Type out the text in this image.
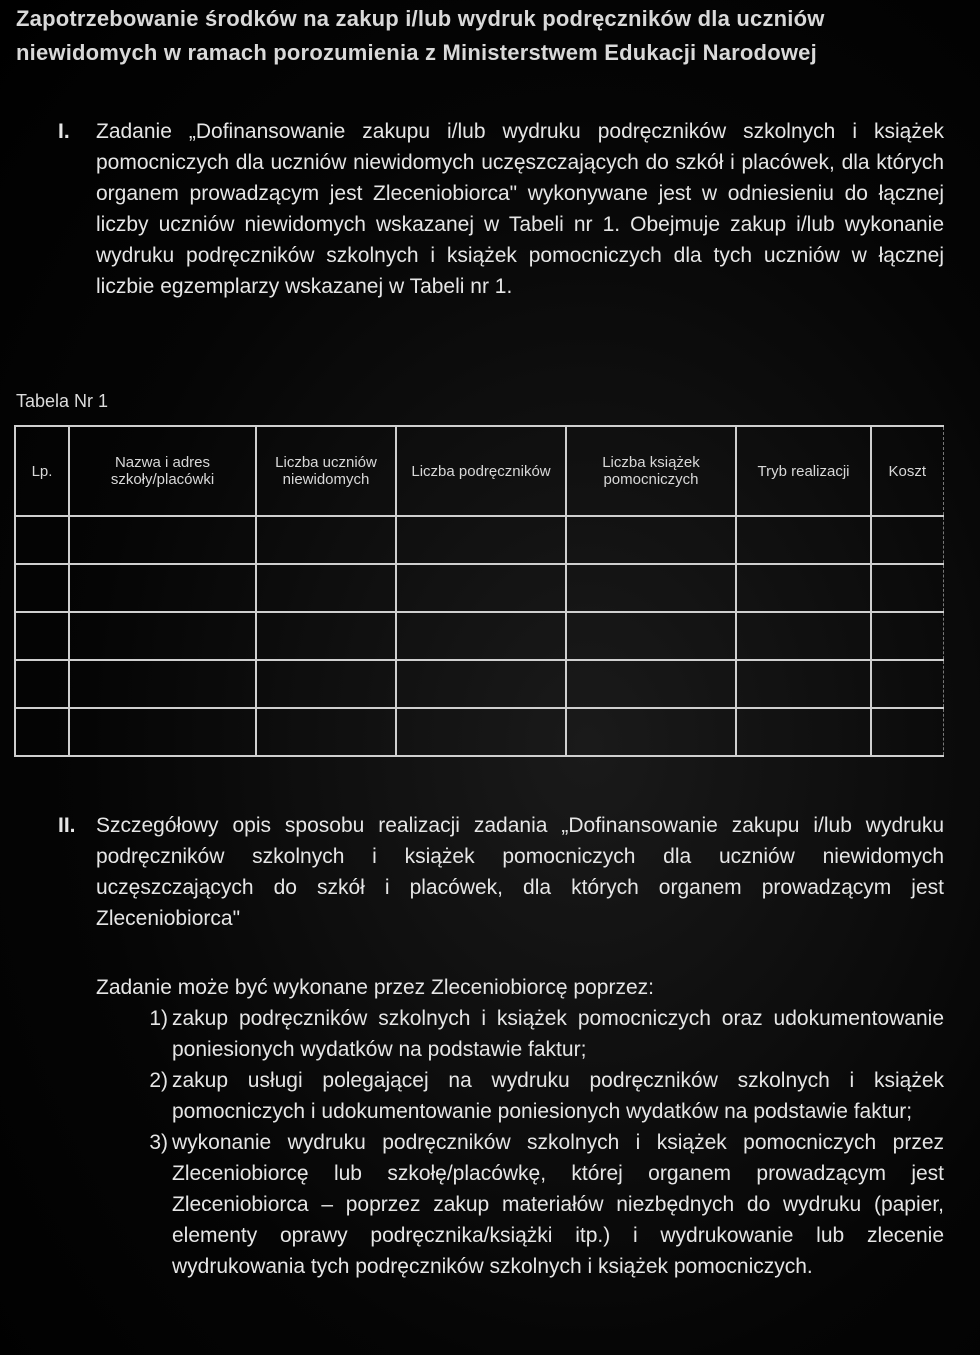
Zapotrzebowanie środków na zakup i/lub wydruk podręczników dla uczniów niewidomych w ramach porozumienia z Ministerstwem Edukacji Narodowej
I.	Zadanie „Dofinansowanie zakupu i/lub wydruku podręczników szkolnych i książek pomocniczych dla uczniów niewidomych uczęszczających do szkół i placówek, dla których organem prowadzącym jest Zleceniobiorca" wykonywane jest w odniesieniu do łącznej liczby uczniów niewidomych wskazanej w Tabeli nr 1. Obejmuje zakup i/lub wykonanie wydruku podręczników szkolnych i książek pomocniczych dla tych uczniów w łącznej liczbie egzemplarzy wskazanej w Tabeli nr 1.
Tabela Nr 1
Lp.	Nazwa i adres szkoły/placówki	Liczba uczniów niewidomych	Liczba podręczników	Liczba książek pomocniczych	Tryb realizacji	Koszt

II. Szczegółowy opis sposobu realizacji zadania „Dofinansowanie zakupu i/lub wydruku podręczników szkolnych i książek pomocniczych dla uczniów niewidomych uczęszczających do szkół i placówek, dla których organem prowadzącym jest Zleceniobiorca"
Zadanie może być wykonane przez Zleceniobiorcę poprzez:
1) zakup podręczników szkolnych i książek pomocniczych oraz udokumentowanie poniesionych wydatków na podstawie faktur;
2) zakup usługi polegającej na wydruku podręczników szkolnych i książek pomocniczych i udokumentowanie poniesionych wydatków na podstawie faktur;
3) wykonanie wydruku podręczników szkolnych i książek pomocniczych przez Zleceniobiorcę lub szkołę/placówkę, której organem prowadzącym jest Zleceniobiorca – poprzez zakup materiałów niezbędnych do wydruku (papier, elementy oprawy podręcznika/książki itp.) i wydrukowanie lub zlecenie wydrukowania tych podręczników szkolnych i książek pomocniczych.
